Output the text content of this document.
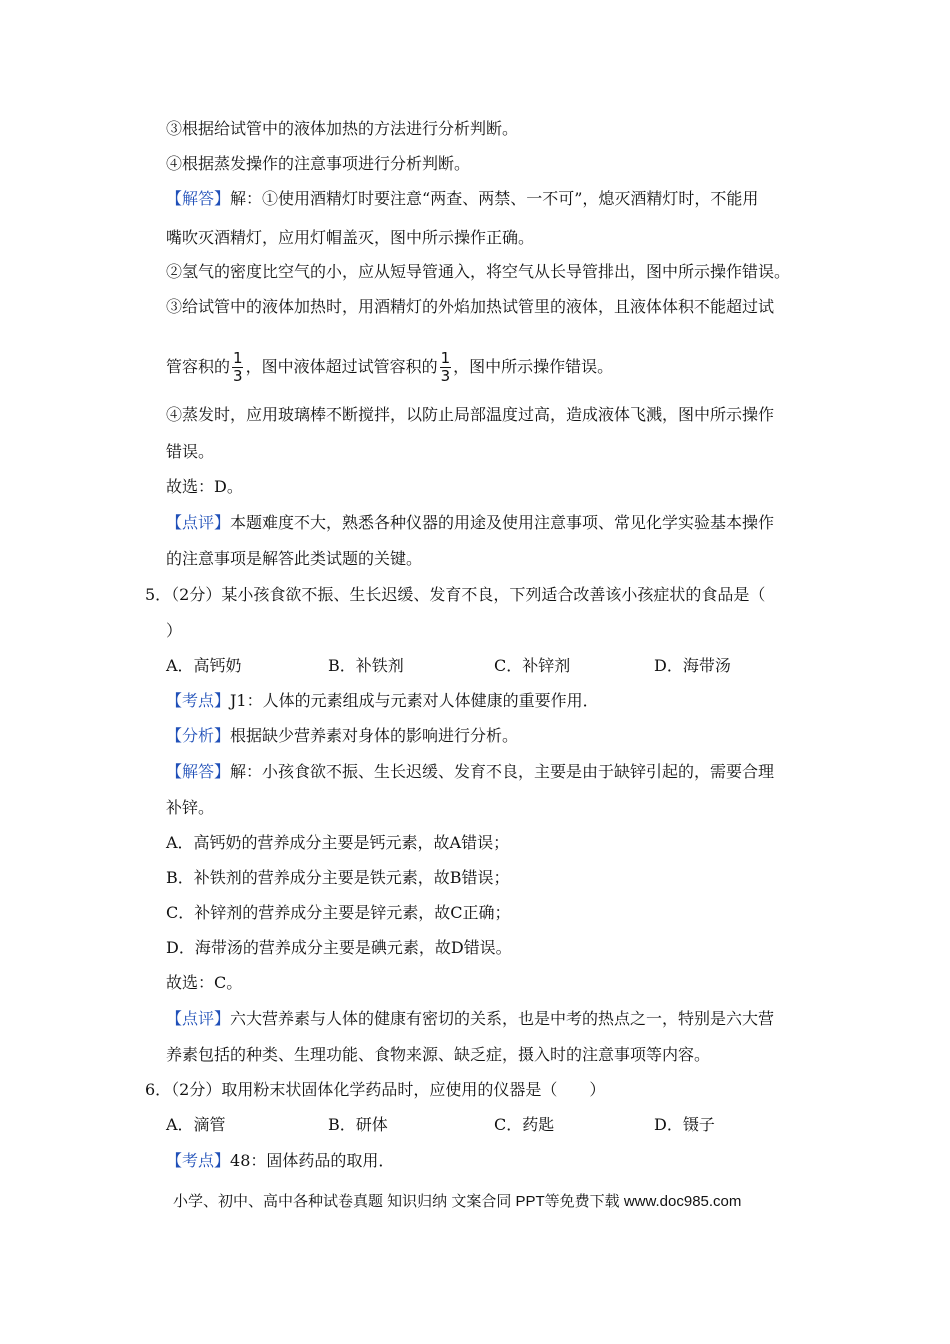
③根据给试管中的液体加热的方法进行分析判断。
④根据蒸发操作的注意事项进行分析判断。
【解答】解：①使用酒精灯时要注意“两查、两禁、一不可”，熄灭酒精灯时，不能用
嘴吹灭酒精灯，应用灯帽盖灭，图中所示操作正确。
②氢气的密度比空气的小，应从短导管通入，将空气从长导管排出，图中所示操作错误。
③给试管中的液体加热时，用酒精灯的外焰加热试管里的液体，且液体体积不能超过试
管容积的 $\frac{1}{3}$ ，图中液体超过试管容积的 $\frac{1}{3}$ ，图中所示操作错误。
④蒸发时，应用玻璃棒不断搅拌，以防止局部温度过高，造成液体飞溅，图中所示操作
错误。
故选：D。
【点评】本题难度不大，熟悉各种仪器的用途及使用注意事项、常见化学实验基本操作
的注意事项是解答此类试题的关键。
5．（2分）某小孩食欲不振、生长迟缓、发育不良，下列适合改善该小孩症状的食品是（
）
A．高钙奶	B．补铁剂	C．补锌剂	D．海带汤
【考点】J1：人体的元素组成与元素对人体健康的重要作用．
【分析】根据缺少营养素对身体的影响进行分析。
【解答】解：小孩食欲不振、生长迟缓、发育不良，主要是由于缺锌引起的，需要合理
补锌。
A．高钙奶的营养成分主要是钙元素，故A错误；
B．补铁剂的营养成分主要是铁元素，故B错误；
C．补锌剂的营养成分主要是锌元素，故C正确；
D．海带汤的营养成分主要是碘元素，故D错误。
故选：C。
【点评】六大营养素与人体的健康有密切的关系，也是中考的热点之一，特别是六大营
养素包括的种类、生理功能、食物来源、缺乏症，摄入时的注意事项等内容。
6．（2分）取用粉末状固体化学药品时，应使用的仪器是（　　）
A．滴管	B．研体	C．药匙	D．镊子
【考点】48：固体药品的取用．
小学、初中、高中各种试卷真题 知识归纳 文案合同 PPT等免费下载 www.doc985.com
